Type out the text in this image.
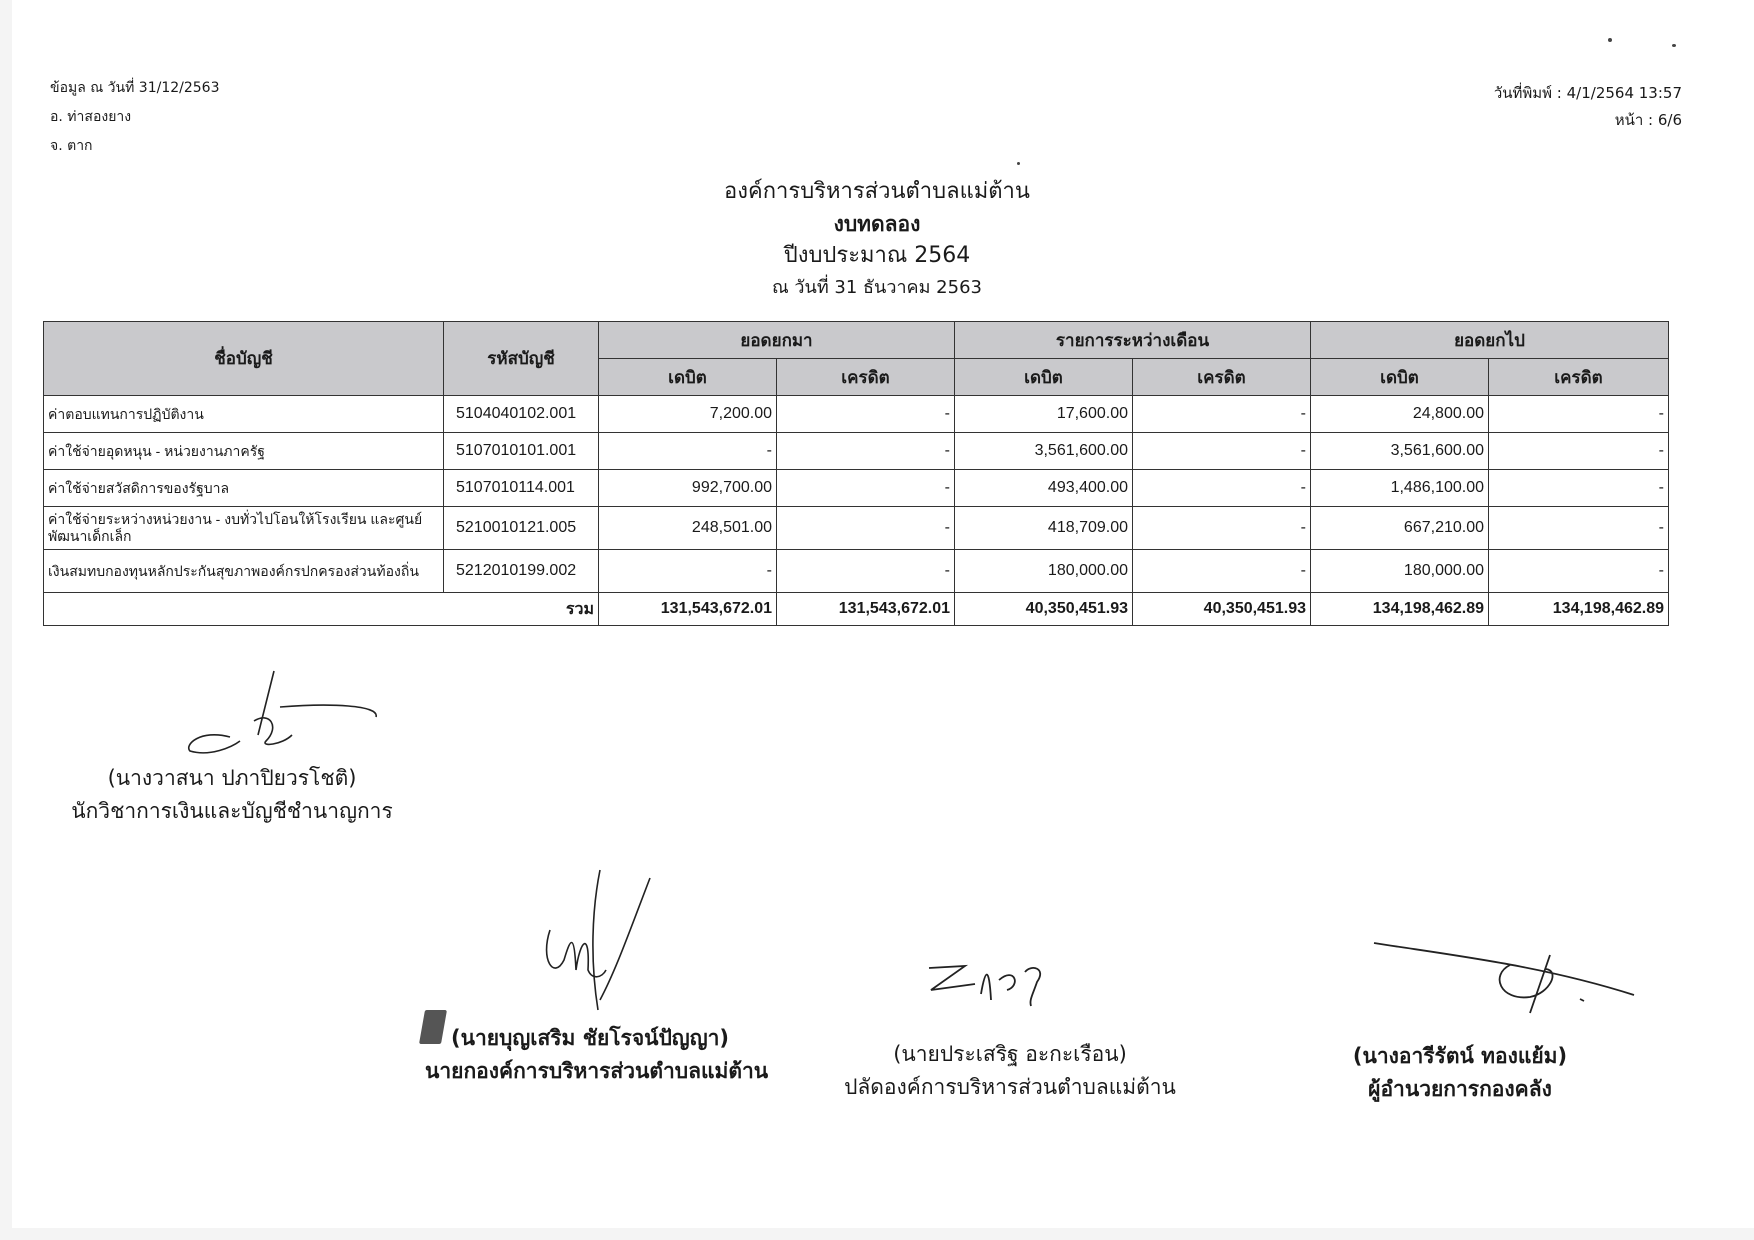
ข้อมูล ณ วันที่ 31/12/2563
อ. ท่าสองยาง
จ. ตาก
วันที่พิมพ์ : 4/1/2564 13:57
หน้า : 6/6
องค์การบริหารส่วนตำบลแม่ต้าน
งบทดลอง
ปีงบประมาณ 2564
ณ วันที่ 31 ธันวาคม 2563
ชื่อบัญชี	รหัสบัญชี	ยอดยกมา		รายการระหว่างเดือน		ยอดยกไป	
		เดบิต	เครดิต	เดบิต	เครดิต	เดบิต	เครดิต
ค่าตอบแทนการปฏิบัติงาน	5104040102.001	7,200.00	-	17,600.00	-	24,800.00	-
ค่าใช้จ่ายอุดหนุน - หน่วยงานภาครัฐ	5107010101.001	-	-	3,561,600.00	-	3,561,600.00	-
ค่าใช้จ่ายสวัสดิการของรัฐบาล	5107010114.001	992,700.00	-	493,400.00	-	1,486,100.00	-
ค่าใช้จ่ายระหว่างหน่วยงาน - งบทั่วไปโอนให้โรงเรียน และศูนย์พัฒนาเด็กเล็ก	5210010121.005	248,501.00	-	418,709.00	-	667,210.00	-
เงินสมทบกองทุนหลักประกันสุขภาพองค์กรปกครองส่วนท้องถิ่น	5212010199.002	-	-	180,000.00	-	180,000.00	-
รวม		131,543,672.01	131,543,672.01	40,350,451.93	40,350,451.93	134,198,462.89	134,198,462.89
(นางวาสนา ปภาปิยวรโชติ)
นักวิชาการเงินและบัญชีชำนาญการ
(นายบุญเสริม ชัยโรจน์ปัญญา)
นายกองค์การบริหารส่วนตำบลแม่ต้าน
(นายประเสริฐ อะกะเรือน)
ปลัดองค์การบริหารส่วนตำบลแม่ต้าน
(นางอารีรัตน์ ทองแย้ม)
ผู้อำนวยการกองคลัง
